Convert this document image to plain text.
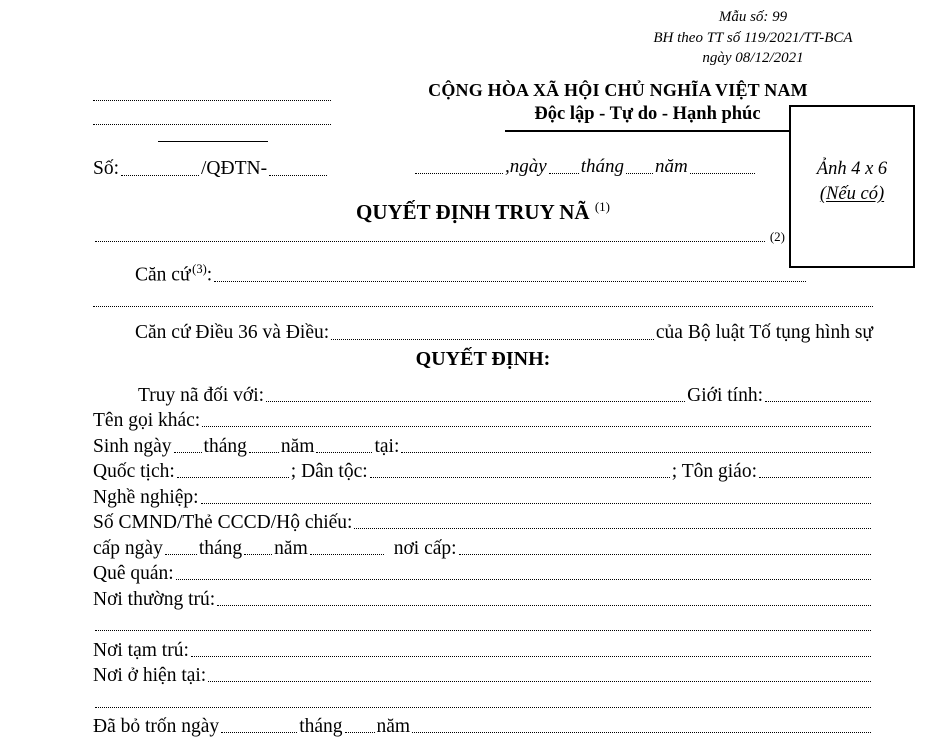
Mẫu số: 99
BH theo TT số 119/2021/TT-BCA
ngày 08/12/2021
CỘNG HÒA XÃ HỘI CHỦ NGHĨA VIỆT NAM
Độc lập - Tự do - Hạnh phúc
Số:	/QĐTN-	,ngày tháng năm	Ảnh 4 x 6
(Nếu có)
QUYẾT ĐỊNH TRUY NÃ $^{(1)}$
(2)
Căn cứ  $^{(3)}$:
Căn cứ Điều 36 và Điều:	của Bộ luật Tố tụng hình sự
QUYẾT ĐỊNH:
Truy nã đối với:	Giới tính:
Tên gọi khác:
Sinh ngày tháng năm	tại:
Quốc tịch:	; Dân tộc:	; Tôn giáo:
Nghề nghiệp:
Số CMND/Thẻ CCCD/Hộ chiếu:
cấp ngày tháng năm	nơi cấp:
Quê quán:
Nơi thường trú:
Nơi tạm trú:
Nơi ở hiện tại:
Đã bỏ trốn ngày	tháng năm
